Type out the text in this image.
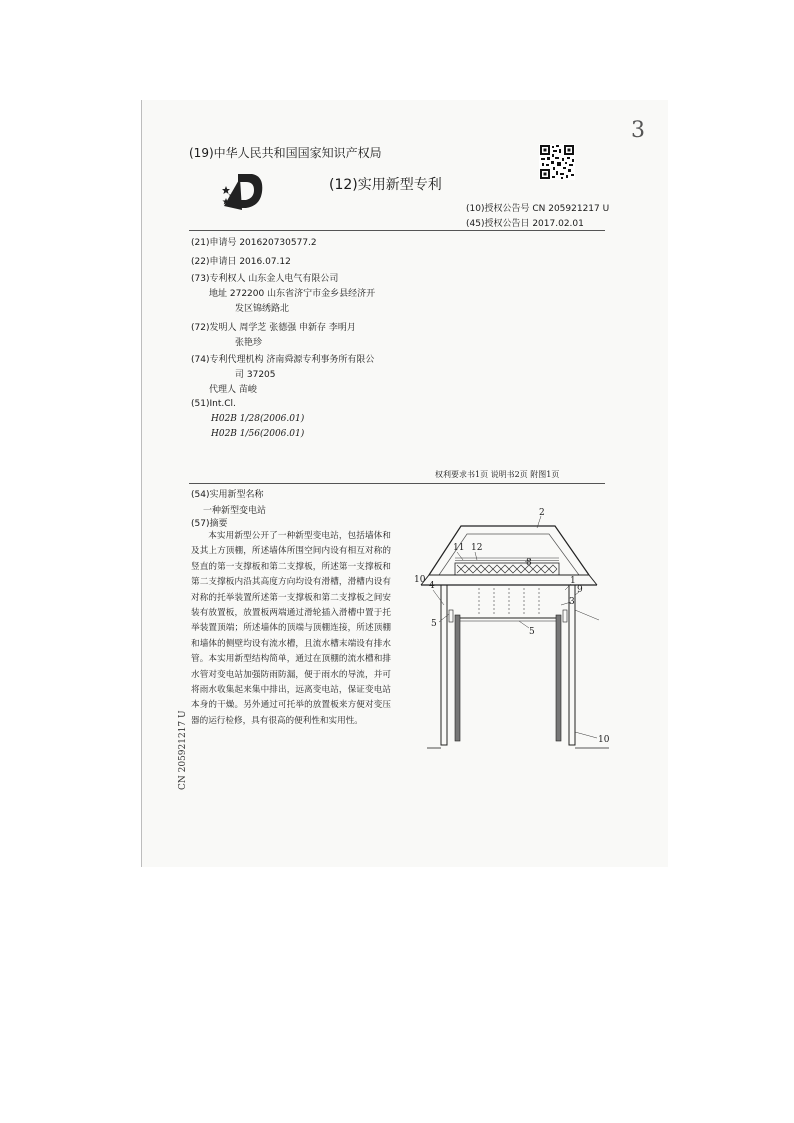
(19)中华人民共和国国家知识产权局
(12)实用新型专利
3
(10)授权公告号 CN 205921217 U
(45)授权公告日 2017.02.01
(21)申请号 201620730577.2
(22)申请日 2016.07.12
(73)专利权人 山东金人电气有限公司
地址 272200 山东省济宁市金乡县经济开
发区锦绣路北
(72)发明人 周学芝 张德强 申新存 李明月
张艳珍
(74)专利代理机构 济南舜源专利事务所有限公
司 37205
代理人 苗峻
(51)Int.Cl.
H02B 1/28(2006.01)
H02B 1/56(2006.01)
权利要求书1页 说明书2页 附图1页
(54)实用新型名称
一种新型变电站
(57)摘要
本实用新型公开了一种新型变电站，包括墙体和及其上方顶棚，所述墙体所围空间内设有相互对称的竖直的第一支撑板和第二支撑板，所述第一支撑板和第二支撑板内沿其高度方向均设有滑槽，滑槽内设有对称的托举装置所述第一支撑板和第二支撑板之间安装有放置板，放置板两端通过滑轮插入滑槽中置于托举装置顶端；所述墙体的顶端与顶棚连接，所述顶棚和墙体的侧壁均设有流水槽，且流水槽末端设有排水管。本实用新型结构简单，通过在顶棚的流水槽和排水管对变电站加强防雨防漏，便于雨水的导流，并可将雨水收集起来集中排出，远离变电站，保证变电站本身的干燥。另外通过可托举的放置板来方便对变压器的运行检修，具有很高的便利性和实用性。
CN 205921217 U
2
11 12
8
1
9
3
10
4
5
5
10
